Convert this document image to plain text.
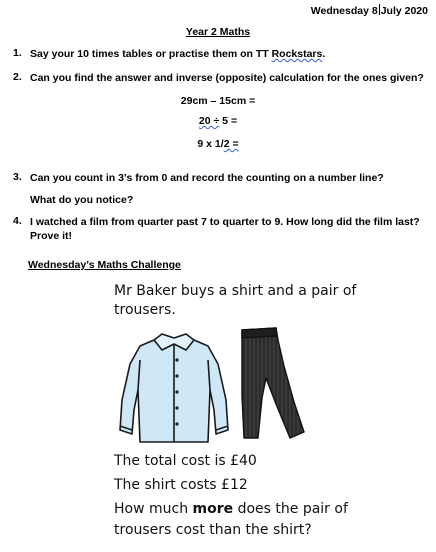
Wednesday 8 July 2020
Year 2 Maths
1. Say your 10 times tables or practise them on TT Rockstars.
2. Can you find the answer and inverse (opposite) calculation for the ones given?
29cm – 15cm =
20 ÷ 5 =
9 x 1/2 =
3. Can you count in 3’s from 0 and record the counting on a number line?
What do you notice?
4. I watched a film from quarter past 7 to quarter to 9. How long did the film last?
Prove it!
Wednesday’s Maths Challenge
Mr Baker buys a shirt and a pair of
trousers.
The total cost is £40
The shirt costs £12
How much more does the pair of
trousers cost than the shirt?
